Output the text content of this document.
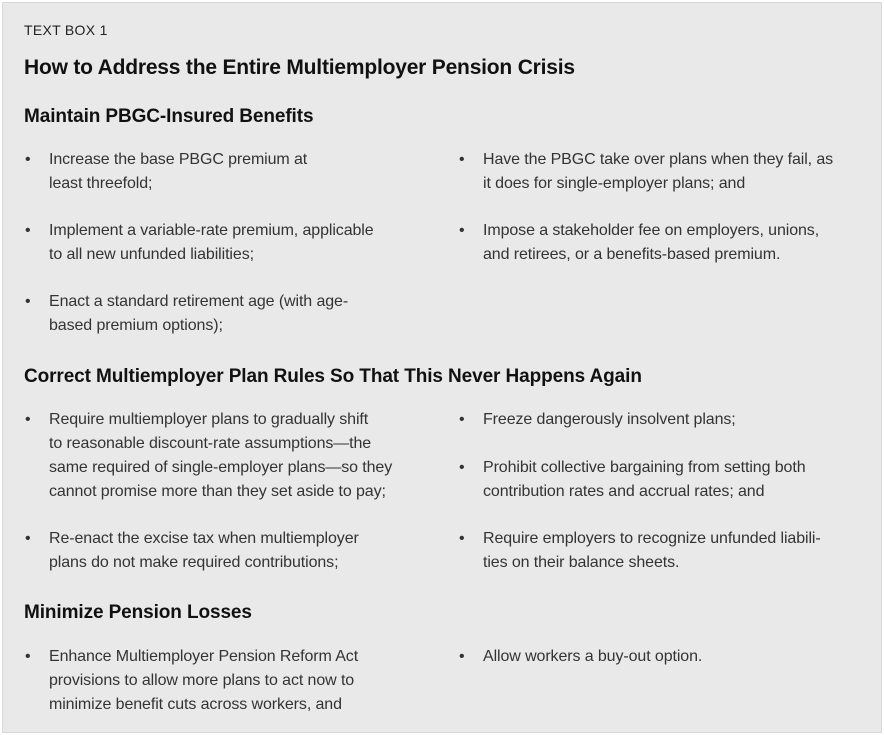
TEXT BOX 1
How to Address the Entire Multiemployer Pension Crisis
Maintain PBGC-Insured Benefits
• Increase the base PBGC premium at
least threefold;
• Implement a variable-rate premium, applicable
to all new unfunded liabilities;
• Enact a standard retirement age (with age-
based premium options);
• Have the PBGC take over plans when they fail, as
it does for single-employer plans; and
• Impose a stakeholder fee on employers, unions,
and retirees, or a benefits-based premium.
Correct Multiemployer Plan Rules So That This Never Happens Again
• Require multiemployer plans to gradually shift
to reasonable discount-rate assumptions—the
same required of single-employer plans—so they
cannot promise more than they set aside to pay;
• Re-enact the excise tax when multiemployer
plans do not make required contributions;
• Freeze dangerously insolvent plans;
• Prohibit collective bargaining from setting both
contribution rates and accrual rates; and
• Require employers to recognize unfunded liabili-
ties on their balance sheets.
Minimize Pension Losses
• Enhance Multiemployer Pension Reform Act
provisions to allow more plans to act now to
minimize benefit cuts across workers, and
• Allow workers a buy-out option.
